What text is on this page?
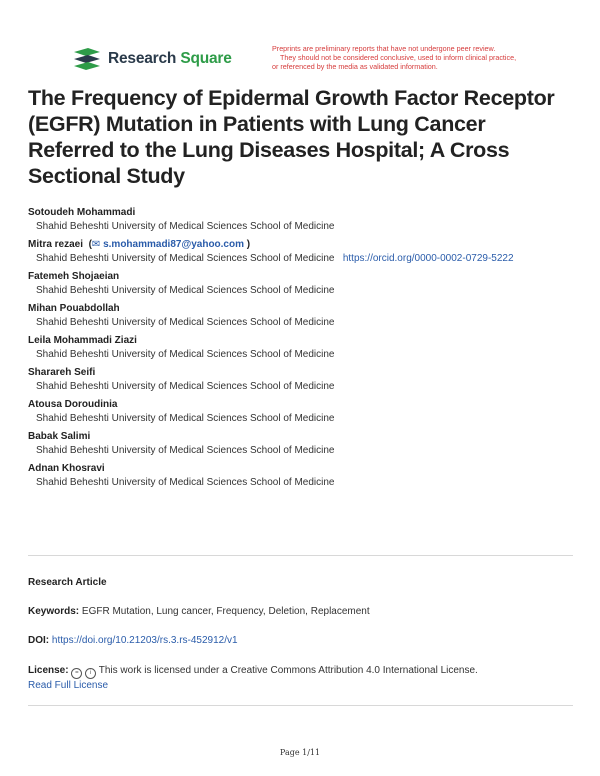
Research Square
Preprints are preliminary reports that have not undergone peer review.
They should not be considered conclusive, used to inform clinical practice,
or referenced by the media as validated information.
The Frequency of Epidermal Growth Factor Receptor (EGFR) Mutation in Patients with Lung Cancer Referred to the Lung Diseases Hospital; A Cross Sectional Study
Sotoudeh Mohammadi
Shahid Beheshti University of Medical Sciences School of Medicine
Mitra rezaei  (✉ s.mohammadi87@yahoo.com )
Shahid Beheshti University of Medical Sciences School of Medicine https://orcid.org/0000-0002-0729-5222
Fatemeh Shojaeian
Shahid Beheshti University of Medical Sciences School of Medicine
Mihan Pouabdollah
Shahid Beheshti University of Medical Sciences School of Medicine
Leila Mohammadi Ziazi
Shahid Beheshti University of Medical Sciences School of Medicine
Sharareh Seifi
Shahid Beheshti University of Medical Sciences School of Medicine
Atousa Doroudinia
Shahid Beheshti University of Medical Sciences School of Medicine
Babak Salimi
Shahid Beheshti University of Medical Sciences School of Medicine
Adnan Khosravi
Shahid Beheshti University of Medical Sciences School of Medicine
Research Article
Keywords: EGFR Mutation, Lung cancer, Frequency, Deletion, Replacement
DOI: https://doi.org/10.21203/rs.3.rs-452912/v1
License: = i This work is licensed under a Creative Commons Attribution 4.0 International License.
Read Full License
Page 1/11
